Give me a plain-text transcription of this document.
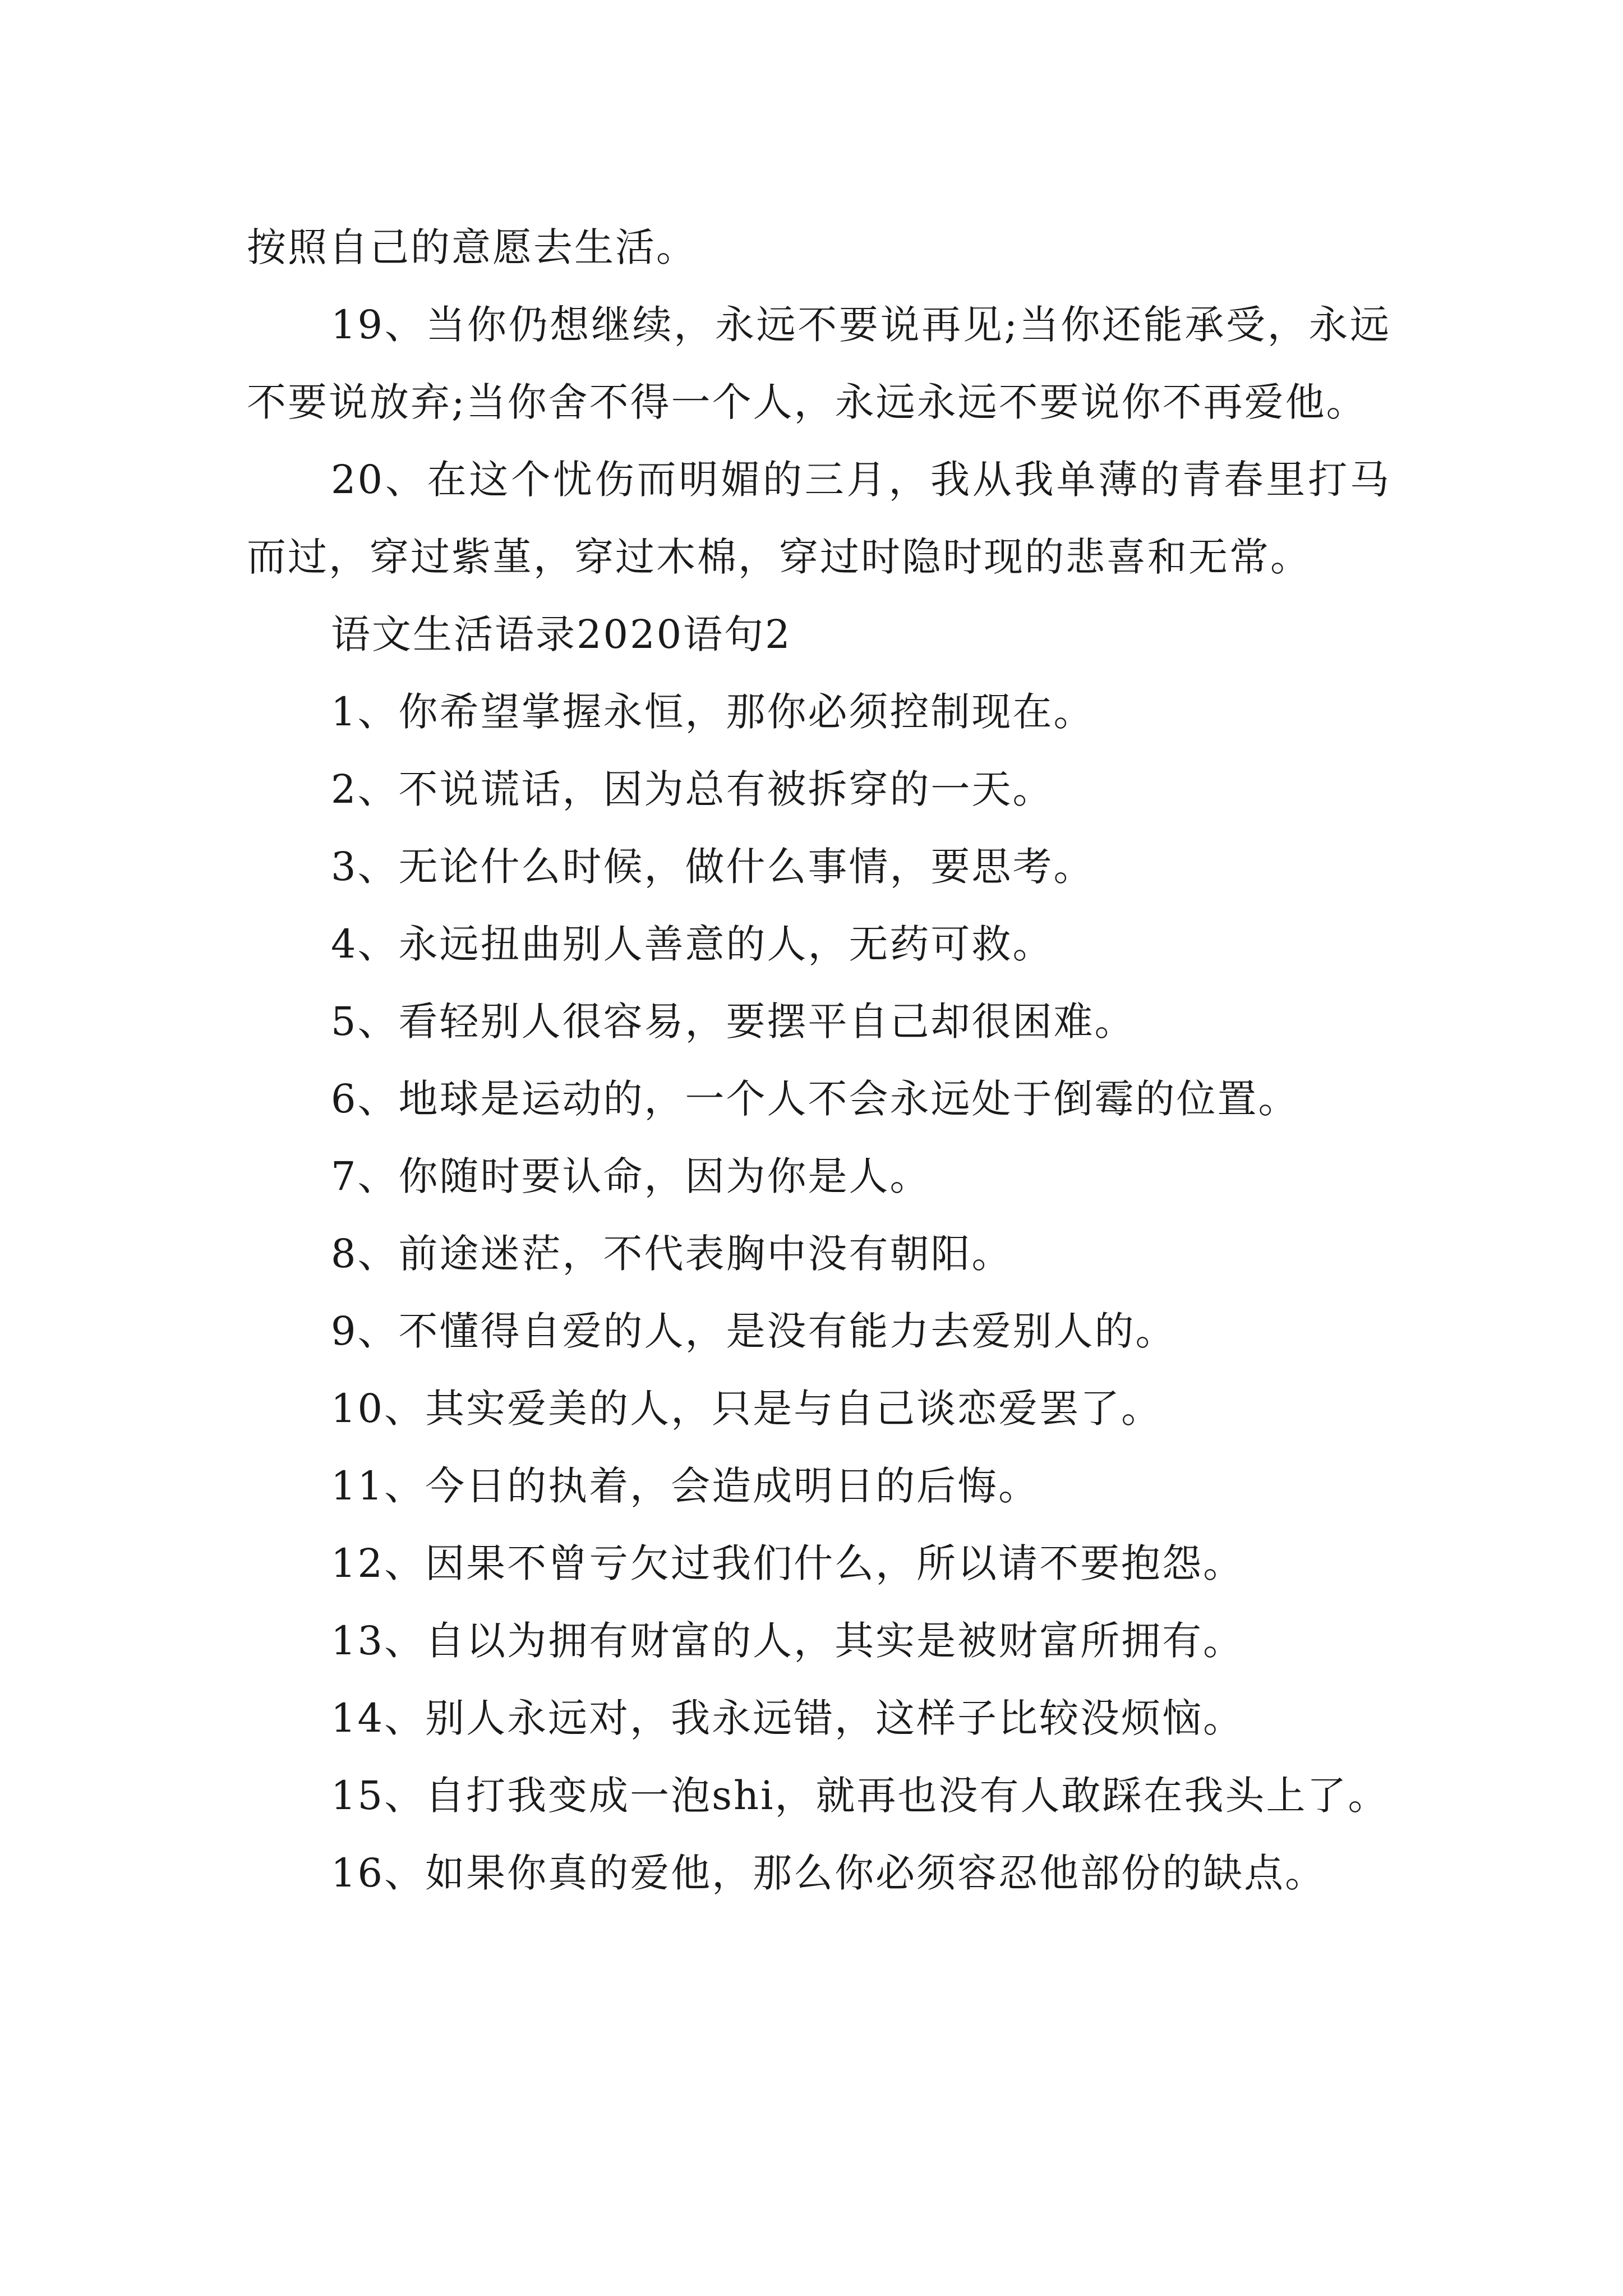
按照自己的意愿去生活。

19、当你仍想继续，永远不要说再见;当你还能承受，永远不要说放弃;当你舍不得一个人，永远永远不要说你不再爱他。

20、在这个忧伤而明媚的三月，我从我单薄的青春里打马而过，穿过紫堇，穿过木棉，穿过时隐时现的悲喜和无常。

语文生活语录2020语句2

1、你希望掌握永恒，那你必须控制现在。
2、不说谎话，因为总有被拆穿的一天。
3、无论什么时候，做什么事情，要思考。
4、永远扭曲别人善意的人，无药可救。
5、看轻别人很容易，要摆平自己却很困难。
6、地球是运动的，一个人不会永远处于倒霉的位置。
7、你随时要认命，因为你是人。
8、前途迷茫，不代表胸中没有朝阳。
9、不懂得自爱的人，是没有能力去爱别人的。
10、其实爱美的人，只是与自己谈恋爱罢了。
11、今日的执着，会造成明日的后悔。
12、因果不曾亏欠过我们什么，所以请不要抱怨。
13、自以为拥有财富的人，其实是被财富所拥有。
14、别人永远对，我永远错，这样子比较没烦恼。
15、自打我变成一泡shi，就再也没有人敢踩在我头上了。
16、如果你真的爱他，那么你必须容忍他部份的缺点。
